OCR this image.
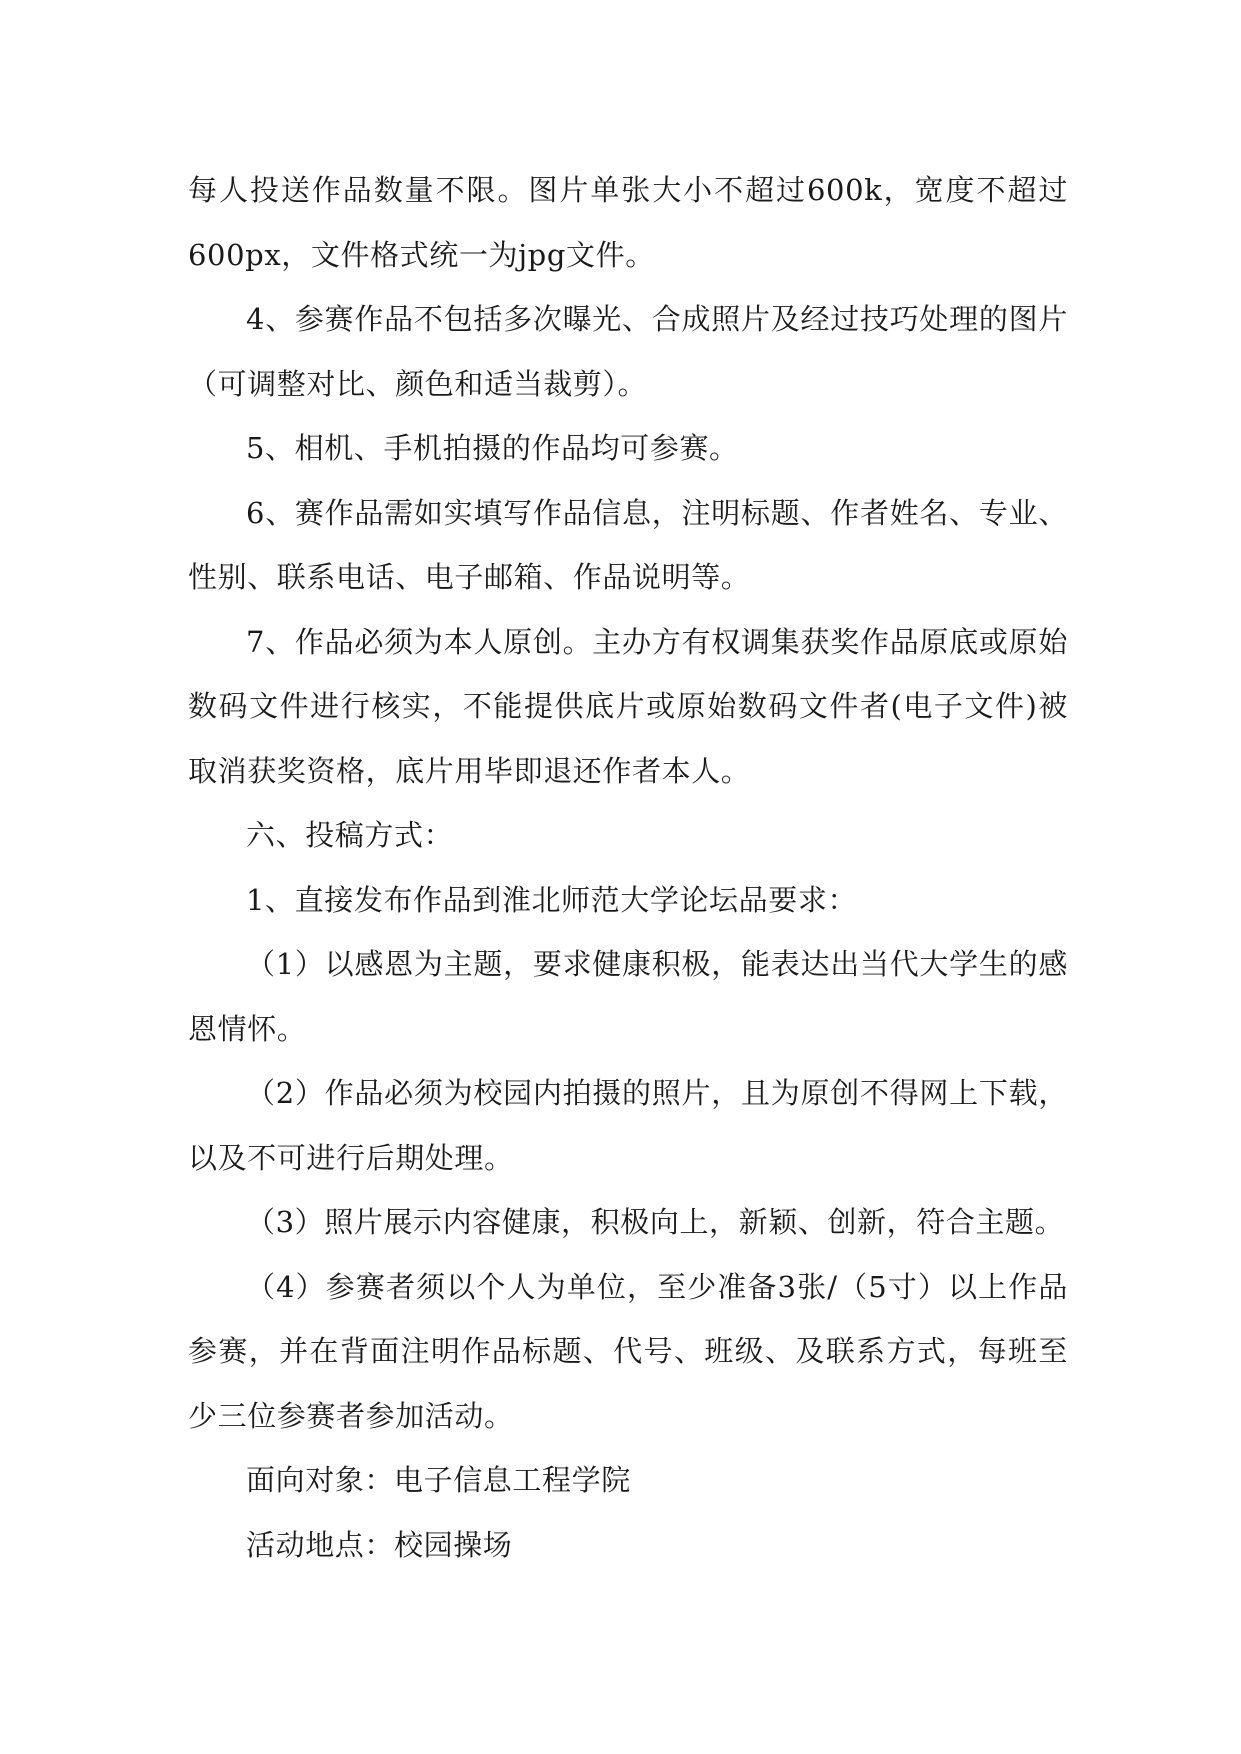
每人投送作品数量不限。图片单张大小不超过600k，宽度不超过600px，文件格式统一为jpg文件。

4、参赛作品不包括多次曝光、合成照片及经过技巧处理的图片（可调整对比、颜色和适当裁剪）。

5、相机、手机拍摄的作品均可参赛。

6、赛作品需如实填写作品信息，注明标题、作者姓名、专业、性别、联系电话、电子邮箱、作品说明等。

7、作品必须为本人原创。主办方有权调集获奖作品原底或原始数码文件进行核实，不能提供底片或原始数码文件者(电子文件)被取消获奖资格，底片用毕即退还作者本人。

六、投稿方式：

1、直接发布作品到淮北师范大学论坛品要求：

（1）以感恩为主题，要求健康积极，能表达出当代大学生的感恩情怀。

（2）作品必须为校园内拍摄的照片，且为原创不得网上下载，以及不可进行后期处理。

（3）照片展示内容健康，积极向上，新颖、创新，符合主题。

（4）参赛者须以个人为单位，至少准备3张/（5寸）以上作品参赛，并在背面注明作品标题、代号、班级、及联系方式，每班至少三位参赛者参加活动。

面向对象：电子信息工程学院

活动地点：校园操场
